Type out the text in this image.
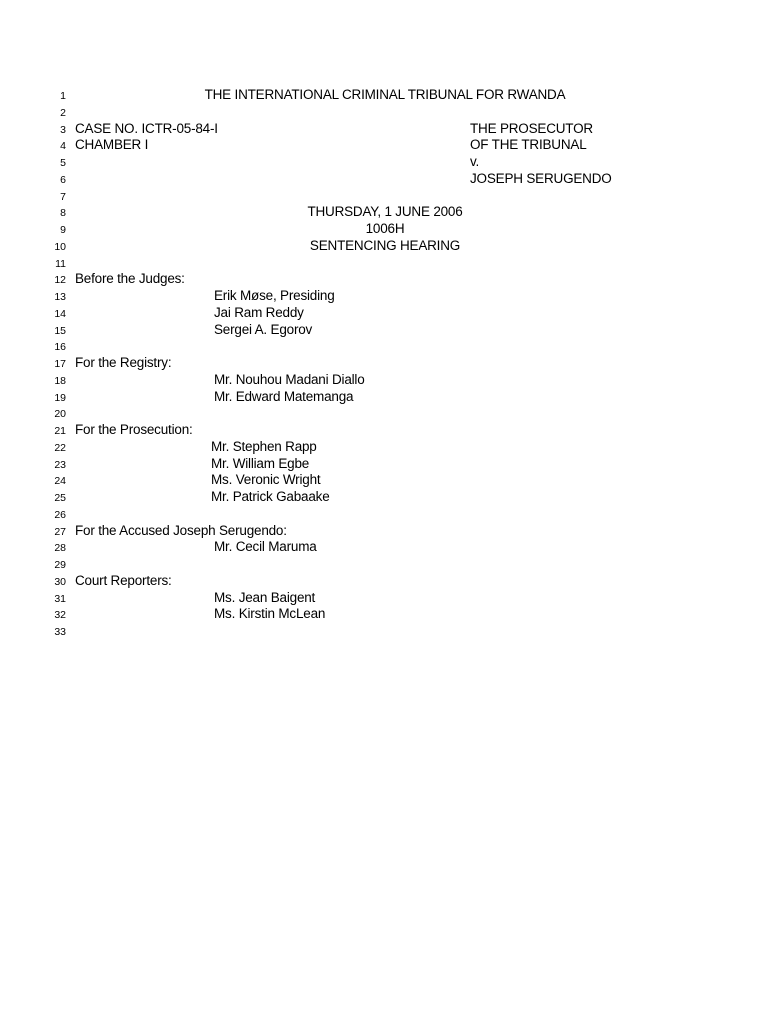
1	THE INTERNATIONAL CRIMINAL TRIBUNAL FOR RWANDA
2
3 CASE NO. ICTR-05-84-I	THE PROSECUTOR
4 CHAMBER I	OF THE TRIBUNAL
5	v.
6	JOSEPH SERUGENDO
7
8	THURSDAY, 1 JUNE 2006
9	1006H
10	SENTENCING HEARING
11
12 Before the Judges:
13	Erik Møse, Presiding
14	Jai Ram Reddy
15	Sergei A. Egorov
16
17 For the Registry:
18	Mr. Nouhou Madani Diallo
19	Mr. Edward Matemanga
20
21 For the Prosecution:
22	Mr. Stephen Rapp
23	Mr. William Egbe
24	Ms. Veronic Wright
25	Mr. Patrick Gabaake
26
27 For the Accused Joseph Serugendo:
28	Mr. Cecil Maruma
29
30 Court Reporters:
31	Ms. Jean Baigent
32	Ms. Kirstin McLean
33
